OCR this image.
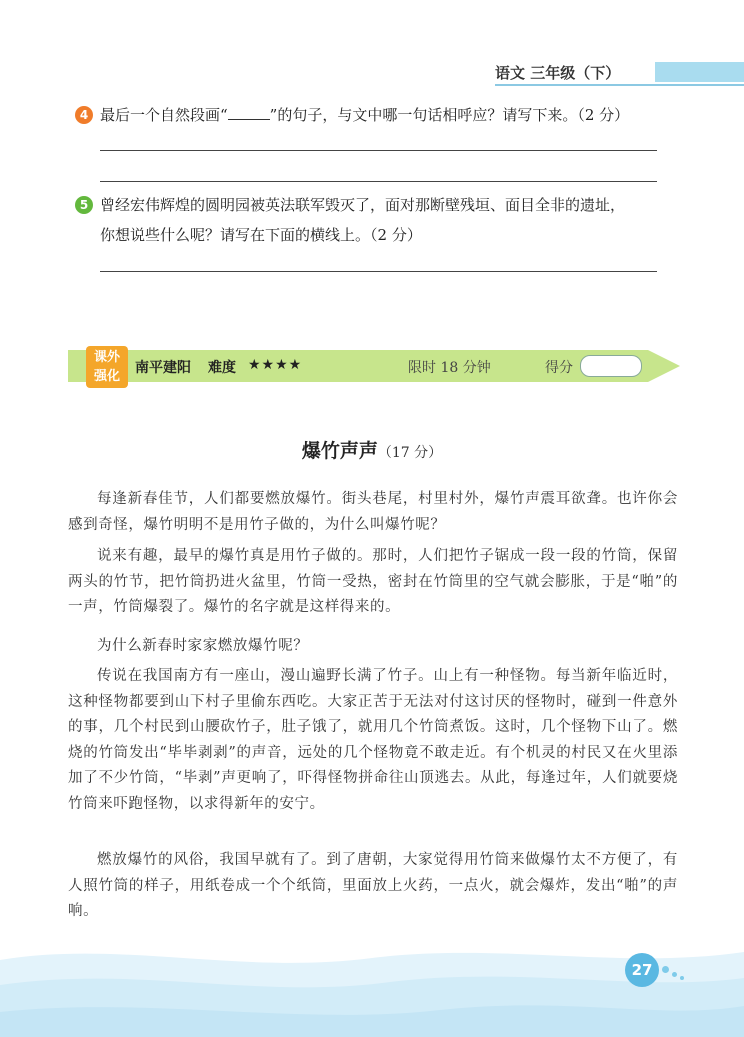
语文 三年级（下）
4 最后一个自然段画“	”的句子，与文中哪一句话相呼应？请写下来。（2 分）
5 曾经宏伟辉煌的圆明园被英法联军毁灭了，面对那断壁残垣、面目全非的遗址，
你想说些什么呢？请写在下面的横线上。（2 分）
课外
强化
南平建阳 难度 ★★★★	限时 18 分钟	得分
爆竹声声（17 分）

每逢新春佳节，人们都要燃放爆竹。街头巷尾，村里村外，爆竹声震耳欲聋。也许你会感到奇怪，爆竹明明不是用竹子做的，为什么叫爆竹呢？

说来有趣，最早的爆竹真是用竹子做的。那时，人们把竹子锯成一段一段的竹筒，保留两头的竹节，把竹筒扔进火盆里，竹筒一受热，密封在竹筒里的空气就会膨胀，于是“啪”的一声，竹筒爆裂了。爆竹的名字就是这样得来的。

为什么新春时家家燃放爆竹呢？

传说在我国南方有一座山，漫山遍野长满了竹子。山上有一种怪物。每当新年临近时，这种怪物都要到山下村子里偷东西吃。大家正苦于无法对付这讨厌的怪物时，碰到一件意外的事，几个村民到山腰砍竹子，肚子饿了，就用几个竹筒煮饭。这时，几个怪物下山了。燃烧的竹筒发出“毕毕剥剥”的声音，远处的几个怪物竟不敢走近。有个机灵的村民又在火里添加了不少竹筒，“毕剥”声更响了，吓得怪物拼命往山顶逃去。从此，每逢过年，人们就要烧竹筒来吓跑怪物，以求得新年的安宁。

燃放爆竹的风俗，我国早就有了。到了唐朝，大家觉得用竹筒来做爆竹太不方便了，有人照竹筒的样子，用纸卷成一个个纸筒，里面放上火药，一点火，就会爆炸，发出“啪”的声响。

27
